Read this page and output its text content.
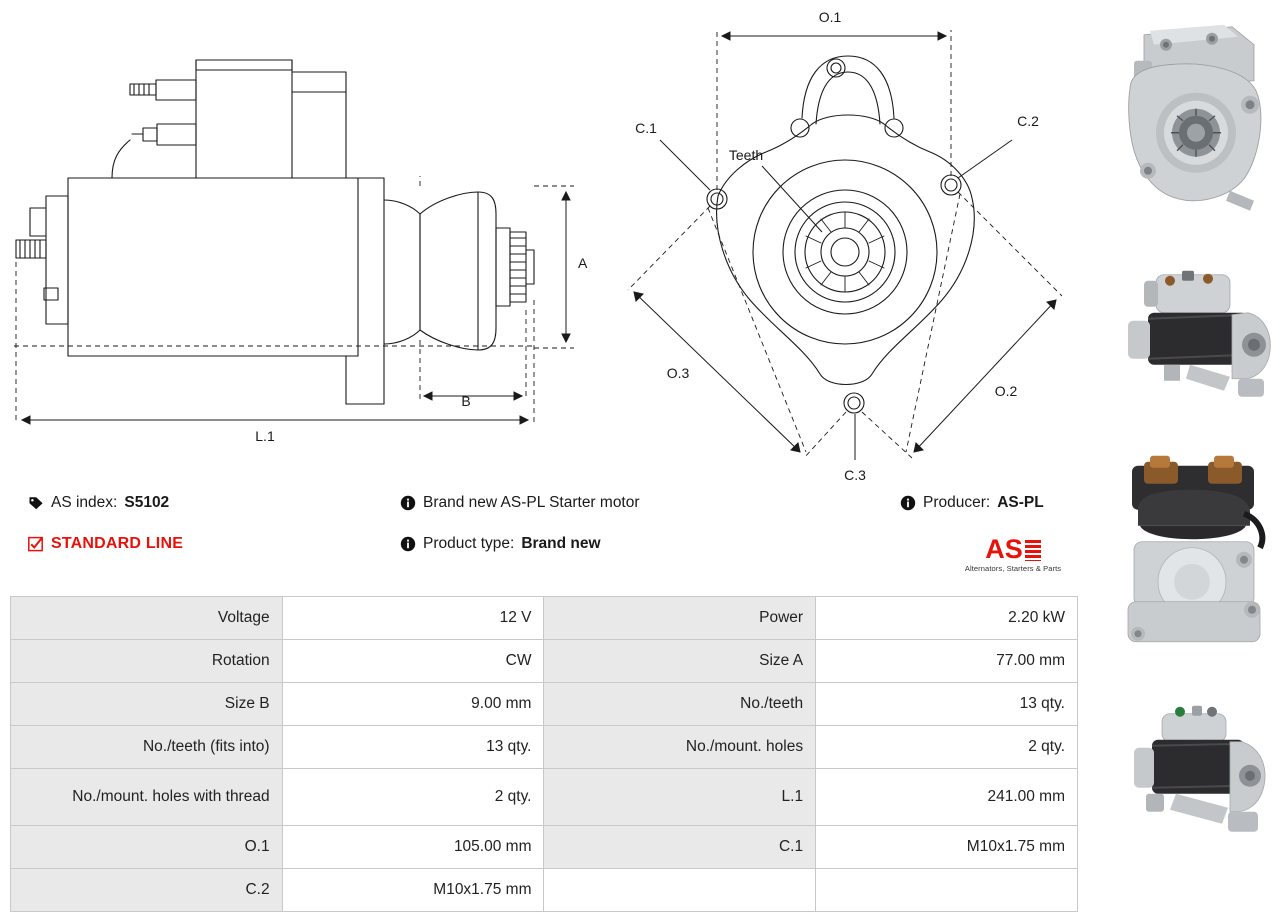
L.1
B
A
O.1
O.3
O.2
C.1	C.2
C.3
Teeth
AS index: S5102
STANDARD LINE
Brand new AS-PL Starter motor
Product type: Brand new
Producer: AS-PL
AS
Alternators, Starters & Parts
Voltage	12 V	Power	2.20 kW
Rotation	CW	Size A	77.00 mm
Size B	9.00 mm	No./teeth	13 qty.
No./teeth (fits into)	13 qty.	No./mount. holes	2 qty.
No./mount. holes with thread	2 qty.	L.1	241.00 mm
O.1	105.00 mm	C.1	M10x1.75 mm
C.2	M10x1.75 mm		
